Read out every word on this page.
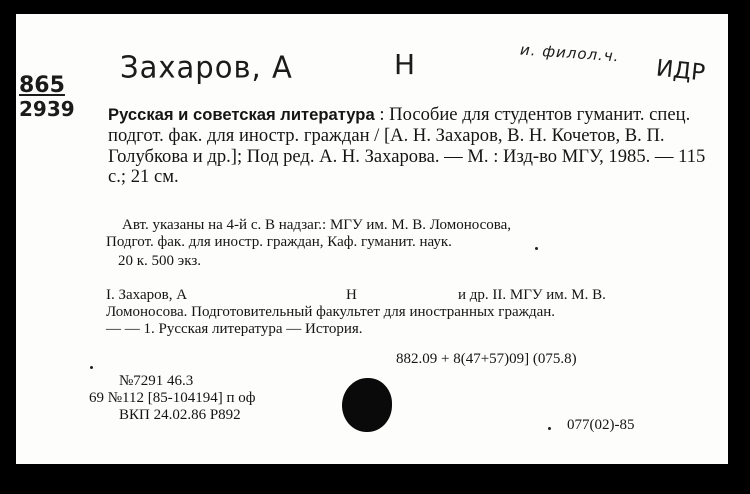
Захаров, А	Н	и. филол.ч.
ИДР
865
2939 Русская и советская литература : Пособие для студентов гуманит. спец. подгот. фак. для иностр. граждан / [А. Н. Захаров, В. Н. Кочетов, В. П. Голубкова и др.]; Под ред. А. Н. Захарова. — М. : Изд-во МГУ, 1985. — 115 с.; 21 см.
Авт. указаны на 4-й с. В надзаг.: МГУ им. М. В. Ломоносова,
Подгот. фак. для иностр. граждан, Каф. гуманит. наук.
20 к. 500 экз.
I. Захаров, А	Н	и др. II. МГУ им. М. В.
Ломоносова. Подготовительный факультет для иностранных граждан.
— — 1. Русская литература — История.
882.09 + 8(47+57)09] (075.8)
№7291 46.3
69 №112 [85-104194] п оф
ВКП 24.02.86 Р892
077(02)-85
